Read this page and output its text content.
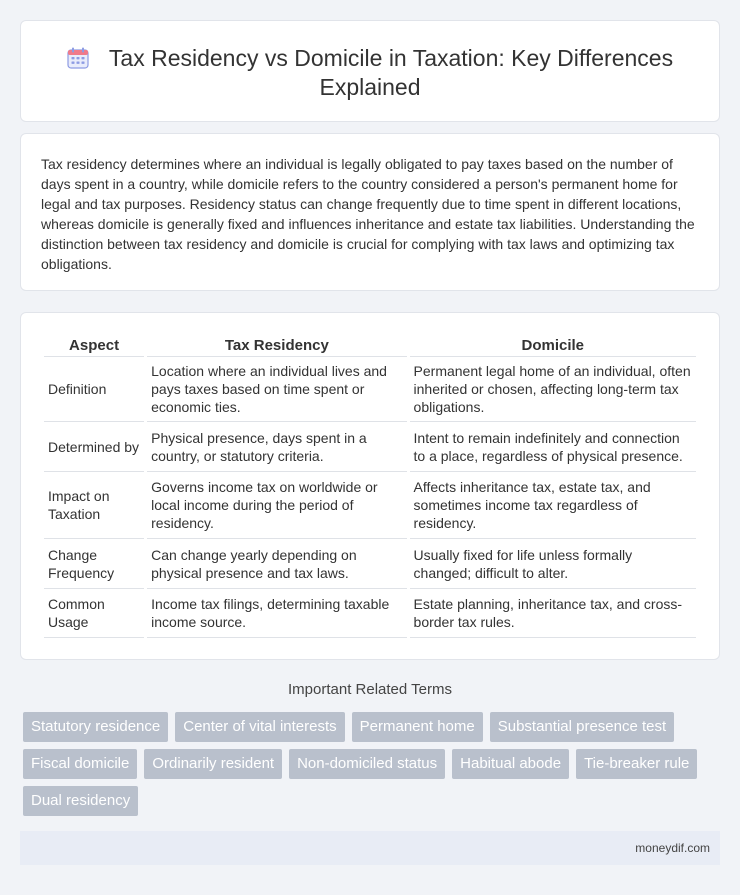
Tax Residency vs Domicile in Taxation: Key Differences Explained

Tax residency determines where an individual is legally obligated to pay taxes based on the number of days spent in a country, while domicile refers to the country considered a person's permanent home for legal and tax purposes. Residency status can change frequently due to time spent in different locations, whereas domicile is generally fixed and influences inheritance and estate tax liabilities. Understanding the distinction between tax residency and domicile is crucial for complying with tax laws and optimizing tax obligations.

Aspect	Tax Residency	Domicile
Definition	Location where an individual lives and pays taxes based on time spent or economic ties.	Permanent legal home of an individual, often inherited or chosen, affecting long-term tax obligations.
Determined by	Physical presence, days spent in a country, or statutory criteria.	Intent to remain indefinitely and connection to a place, regardless of physical presence.
Impact on Taxation	Governs income tax on worldwide or local income during the period of residency.	Affects inheritance tax, estate tax, and sometimes income tax regardless of residency.
Change Frequency	Can change yearly depending on physical presence and tax laws.	Usually fixed for life unless formally changed; difficult to alter.
Common Usage	Income tax filings, determining taxable income source.	Estate planning, inheritance tax, and cross-border tax rules.
Important Related Terms
Statutory residence	Center of vital interests	Permanent home	Substantial presence test
Fiscal domicile	Ordinarily resident	Non-domiciled status	Habitual abode	Tie-breaker rule
Dual residency
moneydif.com
